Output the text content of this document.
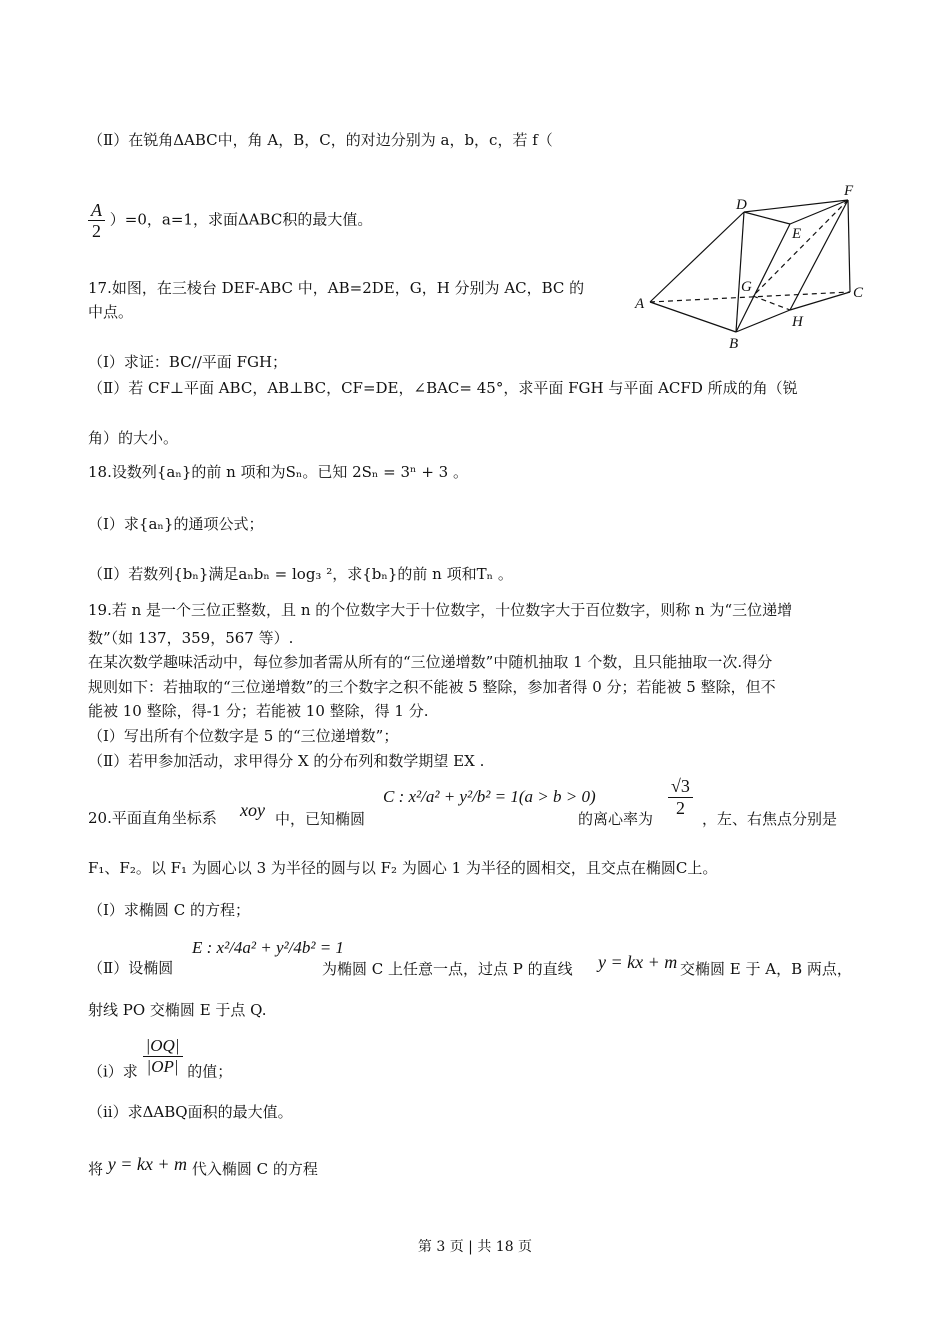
（Ⅱ）在锐角ΔABC中，角 A，B，C，的对边分别为 a，b，c，若 f（
$\frac{A}{2} )=0$，a=1，求面ΔABC积的最大值。
17.如图，在三棱台 DEF-ABC 中，AB=2DE，G，H 分别为 AC，BC 的
中点。
D
F
E
G	C
A
H
B
（Ⅰ）求证：BC//平面 FGH；
（Ⅱ）若 CF⊥平面 ABC，AB⊥BC，CF=DE，∠BAC= 45°，求平面 FGH 与平面 ACFD 所成的角（锐
角）的大小。
18.设数列{aₙ}的前 n 项和为Sₙ。已知 2Sₙ = 3ⁿ + 3 。
（Ⅰ）求{aₙ}的通项公式；
（Ⅱ）若数列{bₙ}满足aₙbₙ = log₃ ²，求{bₙ}的前 n 项和Tₙ 。
19.若 n 是一个三位正整数，且 n 的个位数字大于十位数字，十位数字大于百位数字，则称 n 为“三位递增
数”（如 137，359，567 等）.
在某次数学趣味活动中，每位参加者需从所有的“三位递增数”中随机抽取 1 个数，且只能抽取一次.得分
规则如下：若抽取的“三位递增数”的三个数字之积不能被 5 整除，参加者得 0 分；若能被 5 整除，但不
能被 10 整除，得-1 分；若能被 10 整除，得 1 分.
（Ⅰ）写出所有个位数字是 5 的“三位递增数”；
（Ⅱ）若甲参加活动，求甲得分 X 的分布列和数学期望 EX .
20.平面直角坐标系 xoy 中，已知椭圆
C : x²/a² + y²/b² = 1(a > b > 0)
的离心率为 $\frac{√3}{2}$ ，左、右焦点分别是
F₁、F₂。以 F₁ 为圆心以 3 为半径的圆与以 F₂ 为圆心 1 为半径的圆相交，且交点在椭圆C上。
（Ⅰ）求椭圆 C 的方程；
（Ⅱ）设椭圆
E : x²/4a² + y²/4b² = 1
为椭圆 C 上任意一点，过点 P 的直线 y = kx + m 交椭圆 E 于 A，B 两点，
射线 PO 交椭圆 E 于点 Q.
（i）求 $\frac{|OQ|}{|OP|}$ 的值；
（ii）求ΔABQ面积的最大值。
将 y = kx + m 代入椭圆 C 的方程
第 3 页 | 共 18 页
